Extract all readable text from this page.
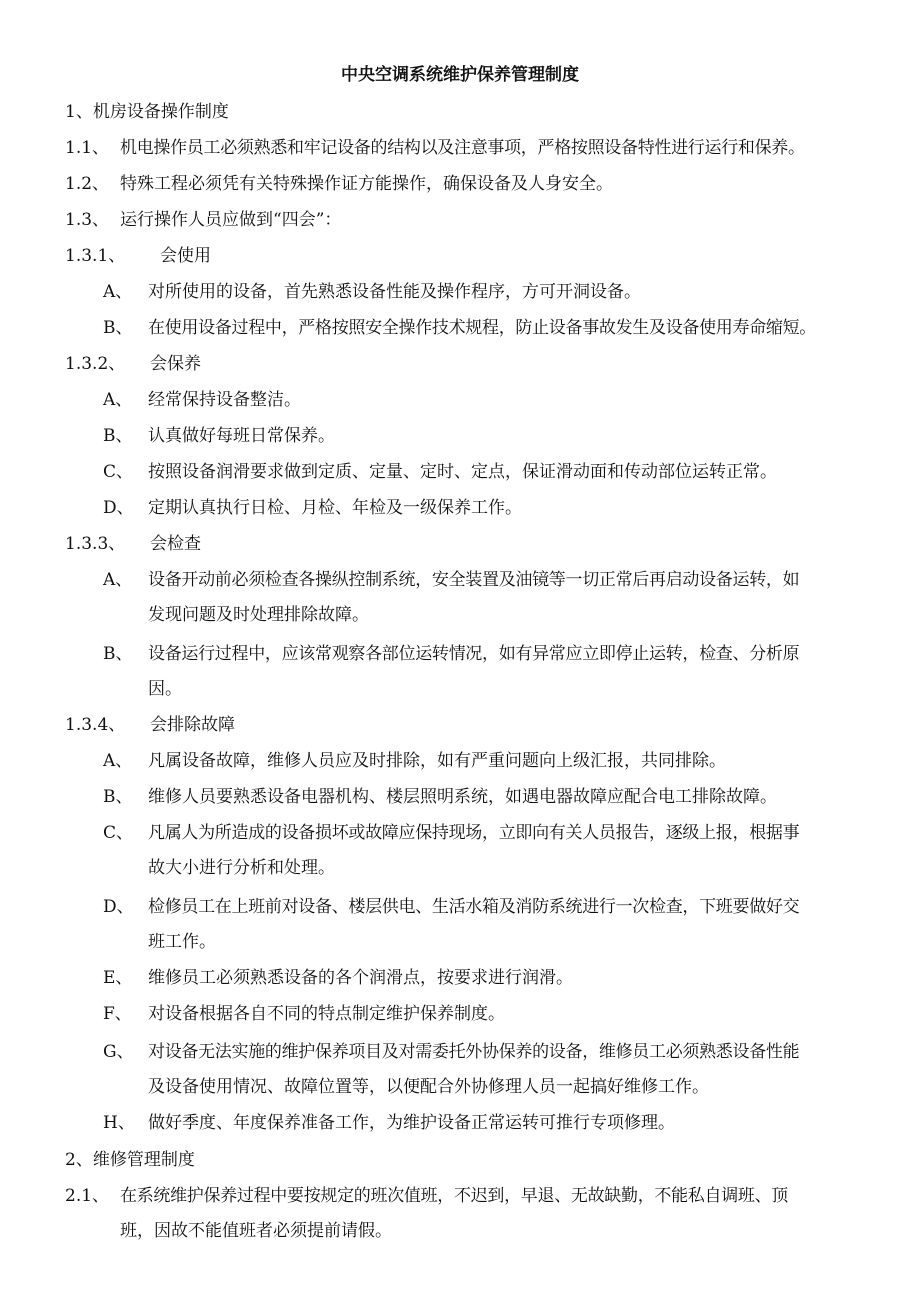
中央空调系统维护保养管理制度
1、机房设备操作制度
1.1、 机电操作员工必须熟悉和牢记设备的结构以及注意事项，严格按照设备特性进行运行和保养。
1.2、 特殊工程必须凭有关特殊操作证方能操作，确保设备及人身安全。
1.3、 运行操作人员应做到“四会”：
1.3.1、 会使用
A、 对所使用的设备，首先熟悉设备性能及操作程序，方可开洞设备。
B、 在使用设备过程中，严格按照安全操作技术规程，防止设备事故发生及设备使用寿命缩短。
1.3.2、 会保养
A、 经常保持设备整洁。
B、 认真做好每班日常保养。
C、 按照设备润滑要求做到定质、定量、定时、定点，保证滑动面和传动部位运转正常。
D、 定期认真执行日检、月检、年检及一级保养工作。
1.3.3、 会检查
A、 设备开动前必须检查各操纵控制系统，安全装置及油镜等一切正常后再启动设备运转，如
发现问题及时处理排除故障。
B、 设备运行过程中，应该常观察各部位运转情况，如有异常应立即停止运转，检查、分析原
因。
1.3.4、 会排除故障
A、 凡属设备故障，维修人员应及时排除，如有严重问题向上级汇报，共同排除。
B、 维修人员要熟悉设备电器机构、楼层照明系统，如遇电器故障应配合电工排除故障。
C、 凡属人为所造成的设备损坏或故障应保持现场，立即向有关人员报告，逐级上报，根据事
故大小进行分析和处理。
D、 检修员工在上班前对设备、楼层供电、生活水箱及消防系统进行一次检查，下班要做好交
班工作。
E、 维修员工必须熟悉设备的各个润滑点，按要求进行润滑。
F、 对设备根据各自不同的特点制定维护保养制度。
G、 对设备无法实施的维护保养项目及对需委托外协保养的设备，维修员工必须熟悉设备性能
及设备使用情况、故障位置等，以便配合外协修理人员一起搞好维修工作。
H、 做好季度、年度保养准备工作，为维护设备正常运转可推行专项修理。
2、维修管理制度
2.1、 在系统维护保养过程中要按规定的班次值班，不迟到，早退、无故缺勤，不能私自调班、顶
班，因故不能值班者必须提前请假。
